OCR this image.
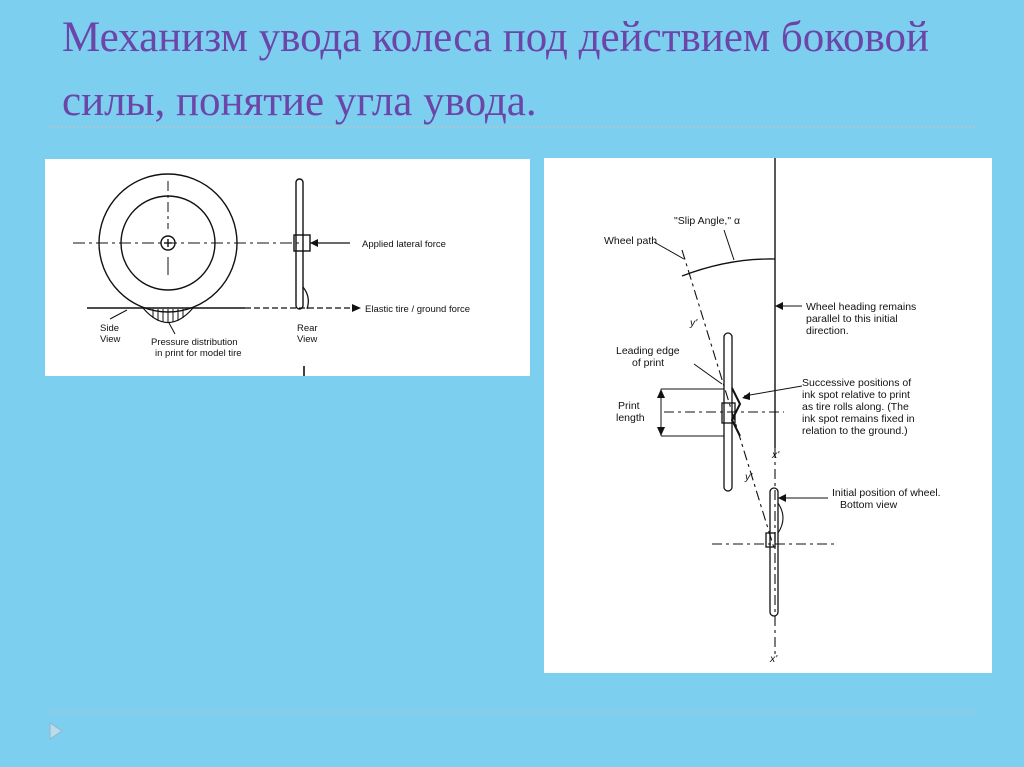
Механизм увода колеса под действием боковой силы, понятие угла увода.
Applied lateral force
Elastic tire / ground force
Side
View	Pressure distribution
in print for model tire
Rear
View
"Slip Angle," α
Wheel path
Wheel heading remains
parallel to this initial
direction.
Leading edge
of print
Print
length
Successive positions of
ink spot relative to print
as tire rolls along. (The
ink spot remains fixed in
relation to the ground.)
Initial position of wheel.
Bottom view
y'
y'
x'
x'
